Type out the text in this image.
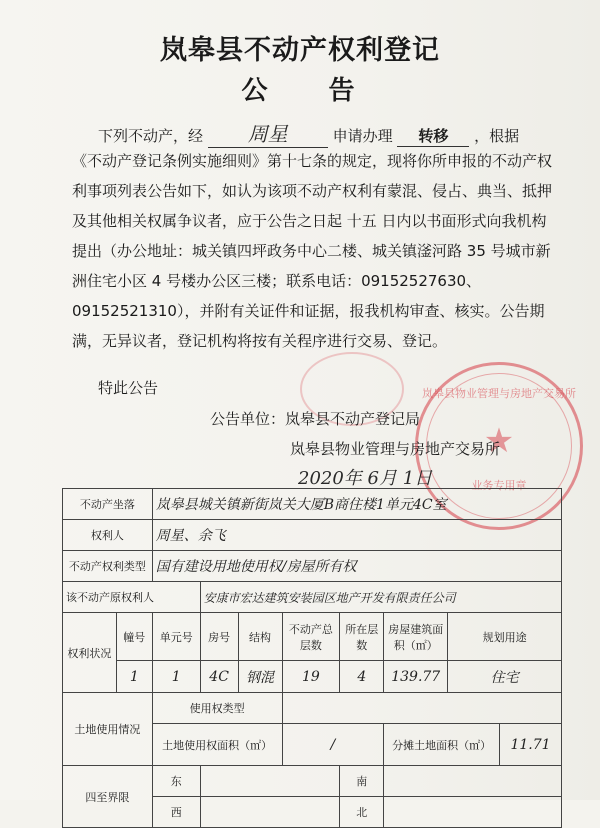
岚皋县不动产权利登记
公 告
下列不动产，经 周星	申请办理 转移 ，根据
《不动产登记条例实施细则》第十七条的规定，现将你所申报的不动产权利事项列表公告如下，如认为该项不动产权利有蒙混、侵占、典当、抵押及其他相关权属争议者，应于公告之日起 十五 日内以书面形式向我机构提出（办公地址：城关镇四坪政务中心二楼、城关镇滏河路 35 号城市新洲住宅小区 4 号楼办公区三楼；联系电话：09152527630、09152521310），并附有关证件和证据，报我机构审查、核实。公告期满，无异议者，登记机构将按有关程序进行交易、登记。
特此公告	岚皋县物业管理与房地产交易所
★
业务专用章
公告单位：岚皋县不动产登记局
岚皋县物业管理与房地产交易所
2020年 6月 1日
不动产坐落		岚皋县城关镇新街岚关大厦B商住楼1单元4C室							
权利人		周星、余飞							
不动产权利类型		国有建设用地使用权/房屋所有权							
该不动产原权利人			安康市宏达建筑安装园区地产开发有限责任公司						
权利状况	幢号	单元号	房号	结构	不动产总层数	所在层数	房屋建筑面积（㎡）	规划用途	
	1	1	4C	钢混	19	4	139.77	住宅	
土地使用情况		使用权类型							
		土地使用权面积（㎡）			/		分摊土地面积（㎡）		11.71
四至界限		东				南			
		西				北			
